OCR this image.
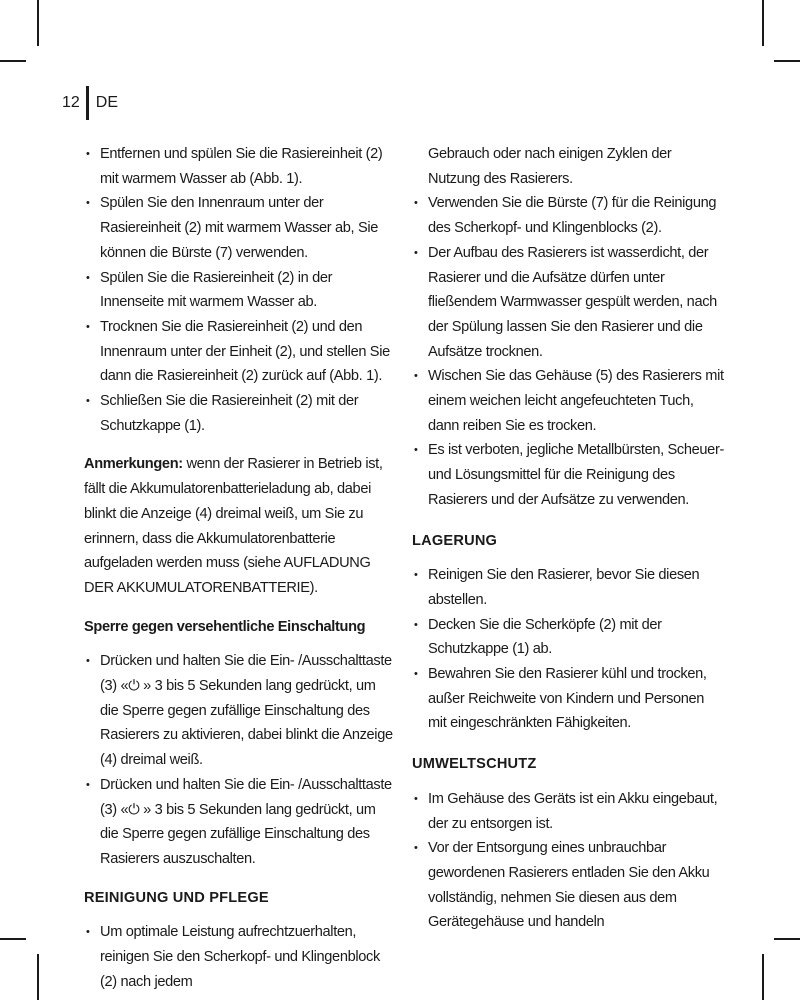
12	DE
• Entfernen und spülen Sie die Rasiereinheit (2) mit warmem Wasser ab (Abb. 1).
• Spülen Sie den Innenraum unter der Rasiereinheit (2) mit warmem Wasser ab, Sie können die Bürste (7) verwenden.
• Spülen Sie die Rasiereinheit (2) in der Innenseite mit warmem Wasser ab.
• Trocknen Sie die Rasiereinheit (2) und den Innenraum unter der Einheit (2), und stellen Sie dann die Rasiereinheit (2) zurück auf (Abb. 1).
• Schließen Sie die Rasiereinheit (2) mit der Schutzkappe (1).

Anmerkungen: wenn der Rasierer in Betrieb ist, fällt die Akkumulatorenbatterieladung ab, dabei blinkt die Anzeige (4) dreimal weiß, um Sie zu erinnern, dass die Akkumulatorenbatterie aufgeladen werden muss (siehe AUFLADUNG DER AKKUMULATORENBATTERIE).

Sperre gegen versehentliche Einschaltung
• Drücken und halten Sie die Ein- /Ausschalttaste (3) «⏻ » 3 bis 5 Sekunden lang gedrückt, um die Sperre gegen zufällige Einschaltung des Rasierers zu aktivieren, dabei blinkt die Anzeige (4) dreimal weiß.
• Drücken und halten Sie die Ein- /Ausschalttaste (3) «⏻ » 3 bis 5 Sekunden lang gedrückt, um die Sperre gegen zufällige Einschaltung des Rasierers auszuschalten.
REINIGUNG UND PFLEGE
• Um optimale Leistung aufrechtzuerhalten, reinigen Sie den Scherkopf- und Klingenblock (2) nach jedem
Gebrauch oder nach einigen Zyklen der Nutzung des Rasierers.
• Verwenden Sie die Bürste (7) für die Reinigung des Scherkopf- und Klingenblocks (2).
• Der Aufbau des Rasierers ist wasserdicht, der Rasierer und die Aufsätze dürfen unter fließendem Warmwasser gespült werden, nach der Spülung lassen Sie den Rasierer und die Aufsätze trocknen.
• Wischen Sie das Gehäuse (5) des Rasierers mit einem weichen leicht angefeuchteten Tuch, dann reiben Sie es trocken.
• Es ist verboten, jegliche Metallbürsten, Scheuer- und Lösungsmittel für die Reinigung des Rasierers und der Aufsätze zu verwenden.
LAGERUNG
• Reinigen Sie den Rasierer, bevor Sie diesen abstellen.
• Decken Sie die Scherköpfe (2) mit der Schutzkappe (1) ab.
• Bewahren Sie den Rasierer kühl und trocken, außer Reichweite von Kindern und Personen mit eingeschränkten Fähigkeiten.
UMWELTSCHUTZ
• Im Gehäuse des Geräts ist ein Akku eingebaut, der zu entsorgen ist.
• Vor der Entsorgung eines unbrauchbar gewordenen Rasierers entladen Sie den Akku vollständig, nehmen Sie diesen aus dem Gerätegehäuse und handeln
